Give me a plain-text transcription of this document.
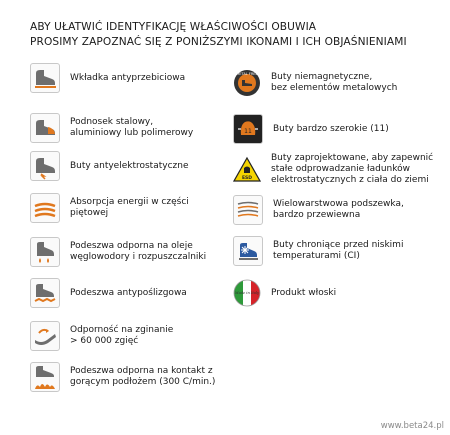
ABY UŁATWIĆ IDENTYFIKACJĘ WŁAŚCIWOŚCI OBUWIA
PROSIMY ZAPOZNAĆ SIĘ Z PONIŻSZYMI IKONAMI I ICH OBJAŚNIENIAMI
Wkładka antyprzebiciowa
Podnosek stalowy,
aluminiowy lub polimerowy
Buty antyelektrostatyczne
Absorpcja energii w części
piętowej
Podeszwa odporna na oleje
węglowodory i rozpuszczalniki
Podeszwa antypoślizgowa
Odporność na zginanie
> 60 000 zgięć
Podeszwa odporna na kontakt z
gorącym podłożem (300 C/min.)
METAL FREE Buty niemagnetyczne,
bez elementów metalowych
11 Buty bardzo szerokie (11)
ESD
Buty zaprojektowane, aby zapewnić
stałe odprowadzanie ładunków
elektrostatycznych z ciała do ziemi
Wielowarstwowa podszewka,
bardzo przewiewna
Buty chroniące przed niskimi
temperaturami (CI)
Made in Italy Produkt włoski
www.beta24.pl
